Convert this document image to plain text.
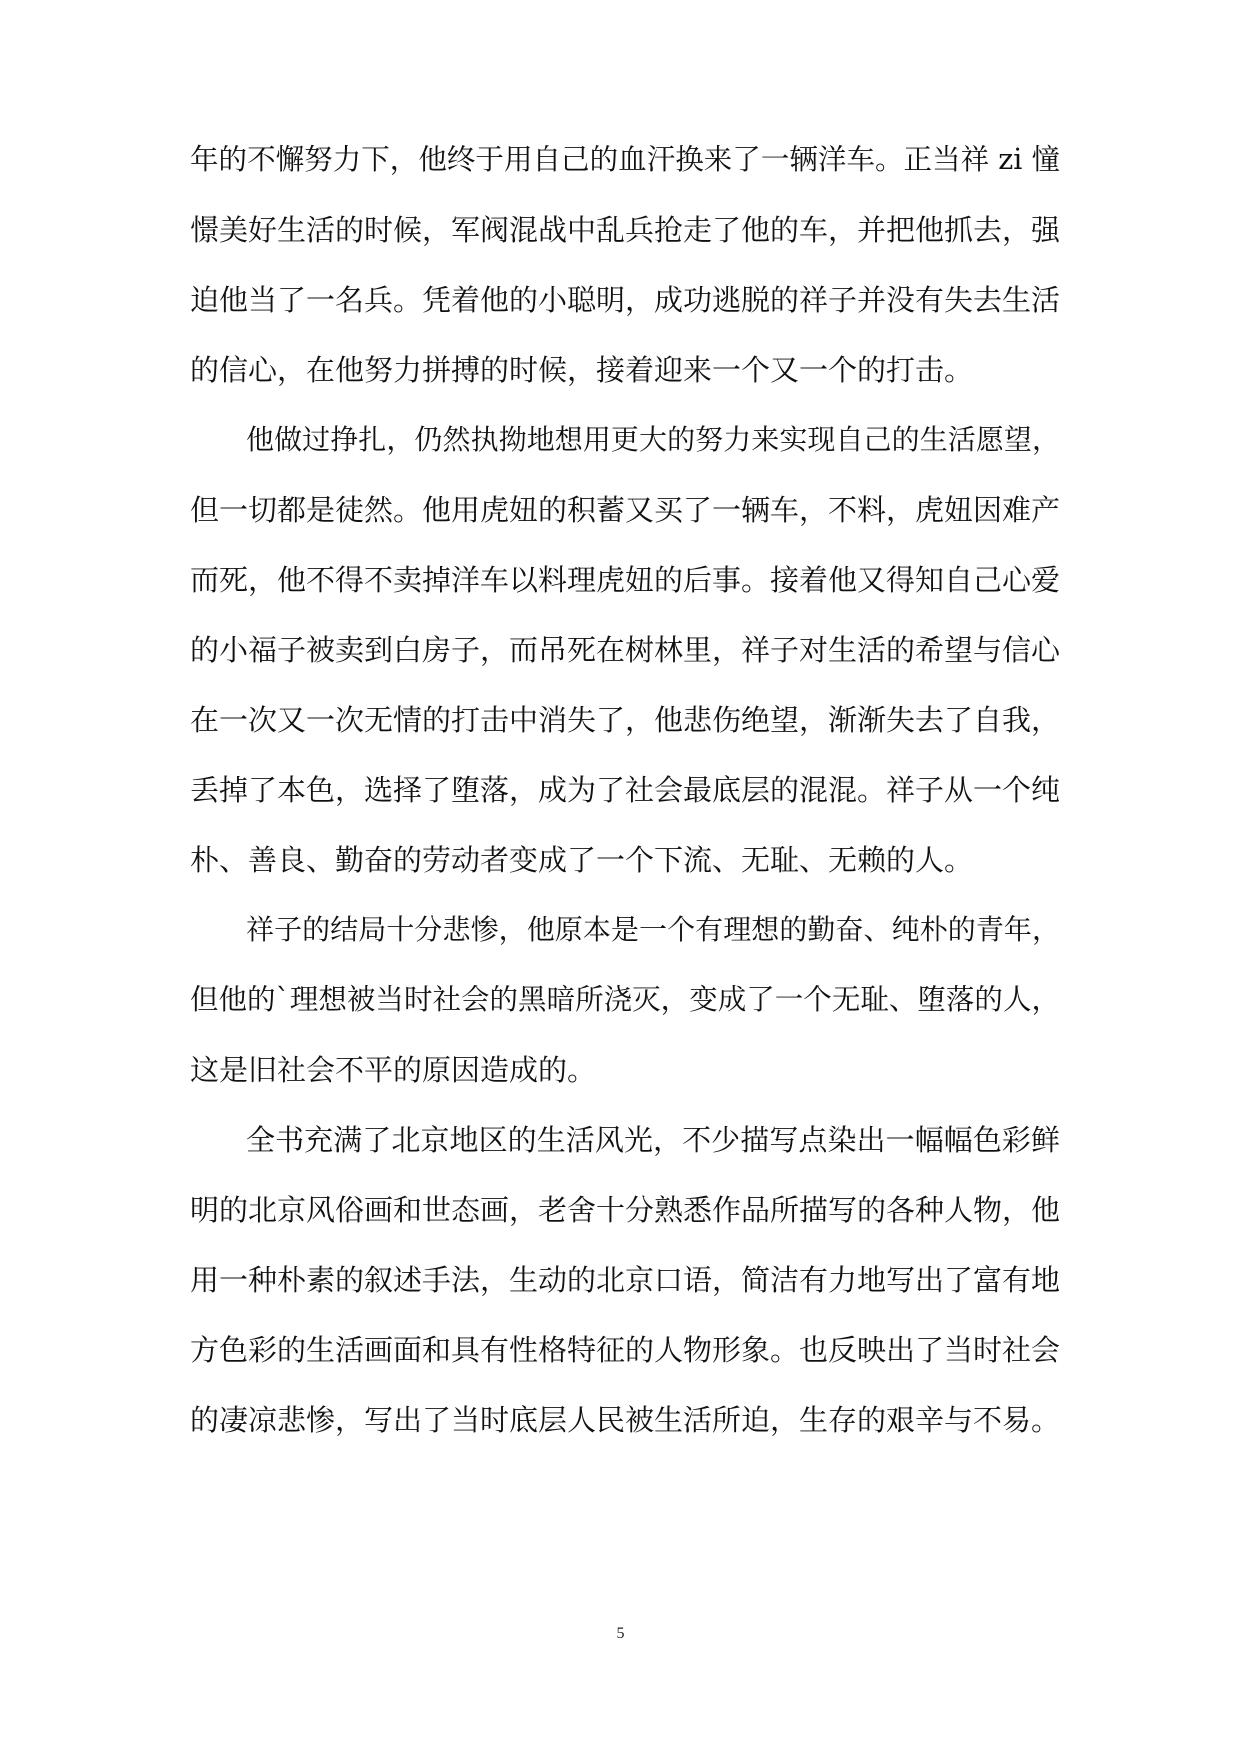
年的不懈努力下，他终于用自己的血汗换来了一辆洋车。正当祥 zi 憧
憬美好生活的时候，军阀混战中乱兵抢走了他的车，并把他抓去，强
迫他当了一名兵。凭着他的小聪明，成功逃脱的祥子并没有失去生活
的信心，在他努力拼搏的时候，接着迎来一个又一个的打击。
他做过挣扎，仍然执拗地想用更大的努力来实现自己的生活愿望，
但一切都是徒然。他用虎妞的积蓄又买了一辆车，不料，虎妞因难产
而死，他不得不卖掉洋车以料理虎妞的后事。接着他又得知自己心爱
的小福子被卖到白房子，而吊死在树林里，祥子对生活的希望与信心
在一次又一次无情的打击中消失了，他悲伤绝望，渐渐失去了自我，
丢掉了本色，选择了堕落，成为了社会最底层的混混。祥子从一个纯
朴、善良、勤奋的劳动者变成了一个下流、无耻、无赖的人。
祥子的结局十分悲惨，他原本是一个有理想的勤奋、纯朴的青年，
但他的`理想被当时社会的黑暗所浇灭，变成了一个无耻、堕落的人，
这是旧社会不平的原因造成的。
全书充满了北京地区的生活风光，不少描写点染出一幅幅色彩鲜
明的北京风俗画和世态画，老舍十分熟悉作品所描写的各种人物，他
用一种朴素的叙述手法，生动的北京口语，简洁有力地写出了富有地
方色彩的生活画面和具有性格特征的人物形象。也反映出了当时社会
的凄凉悲惨，写出了当时底层人民被生活所迫，生存的艰辛与不易。
5
